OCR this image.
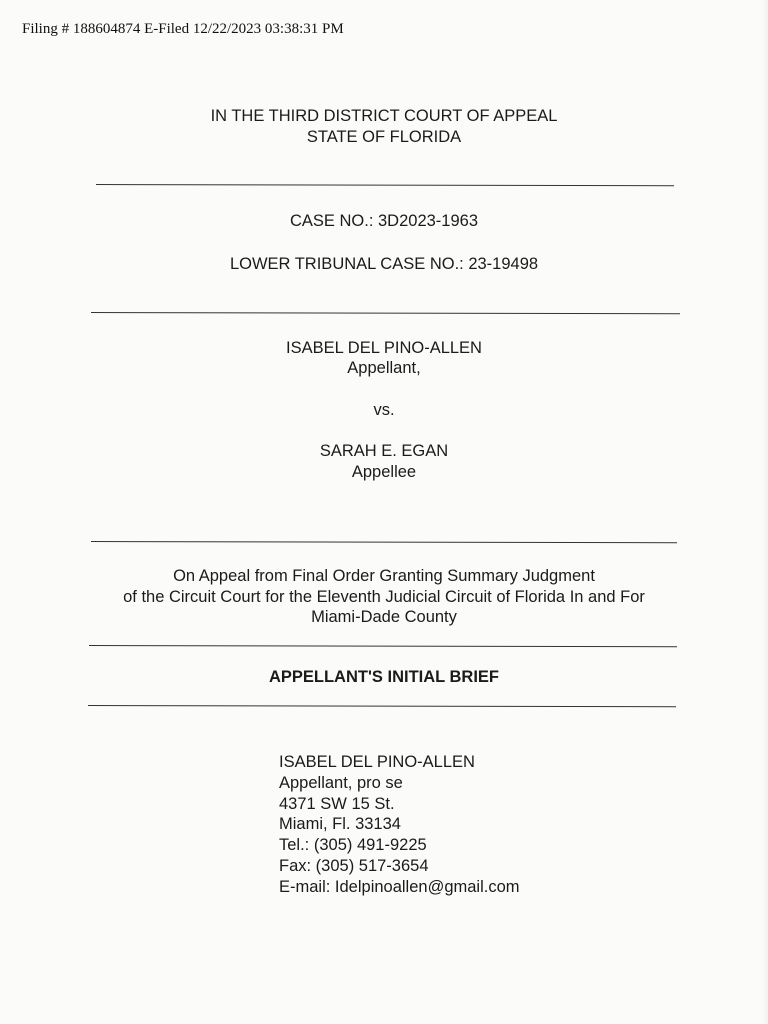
Filing # 188604874 E-Filed 12/22/2023 03:38:31 PM
IN THE THIRD DISTRICT COURT OF APPEAL
STATE OF FLORIDA
CASE NO.: 3D2023-1963
LOWER TRIBUNAL CASE NO.: 23-19498
ISABEL DEL PINO-ALLEN
Appellant,
vs.
SARAH E. EGAN
Appellee
On Appeal from Final Order Granting Summary Judgment
of the Circuit Court for the Eleventh Judicial Circuit of Florida In and For
Miami-Dade County
APPELLANT'S INITIAL BRIEF
ISABEL DEL PINO-ALLEN
Appellant, pro se
4371 SW 15 St.
Miami, Fl. 33134
Tel.: (305) 491-9225
Fax: (305) 517-3654
E-mail: Idelpinoallen@gmail.com
